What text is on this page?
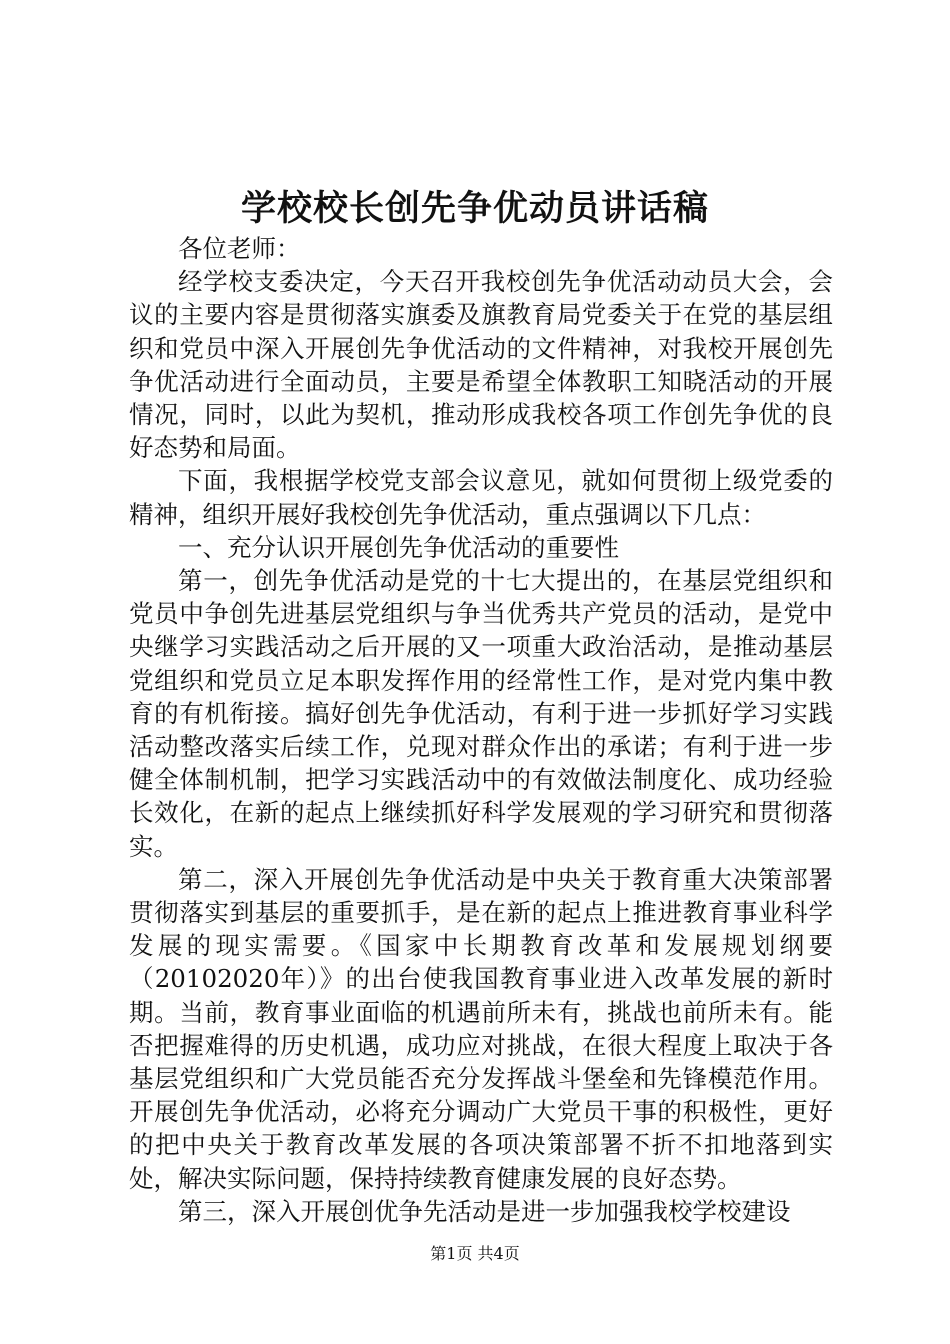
学校校长创先争优动员讲话稿

各位老师：

经学校支委决定，今天召开我校创先争优活动动员大会，会议的主要内容是贯彻落实旗委及旗教育局党委关于在党的基层组织和党员中深入开展创先争优活动的文件精神，对我校开展创先争优活动进行全面动员，主要是希望全体教职工知晓活动的开展情况，同时，以此为契机，推动形成我校各项工作创先争优的良好态势和局面。

下面，我根据学校党支部会议意见，就如何贯彻上级党委的精神，组织开展好我校创先争优活动，重点强调以下几点：

一、充分认识开展创先争优活动的重要性

第一，创先争优活动是党的十七大提出的，在基层党组织和党员中争创先进基层党组织与争当优秀共产党员的活动，是党中央继学习实践活动之后开展的又一项重大政治活动，是推动基层党组织和党员立足本职发挥作用的经常性工作，是对党内集中教育的有机衔接。搞好创先争优活动，有利于进一步抓好学习实践活动整改落实后续工作，兑现对群众作出的承诺；有利于进一步健全体制机制，把学习实践活动中的有效做法制度化、成功经验长效化，在新的起点上继续抓好科学发展观的学习研究和贯彻落实。

第二，深入开展创先争优活动是中央关于教育重大决策部署贯彻落实到基层的重要抓手，是在新的起点上推进教育事业科学发展的现实需要。《国家中长期教育改革和发展规划纲要（20102020年）》的出台使我国教育事业进入改革发展的新时期。当前，教育事业面临的机遇前所未有，挑战也前所未有。能否把握难得的历史机遇，成功应对挑战，在很大程度上取决于各基层党组织和广大党员能否充分发挥战斗堡垒和先锋模范作用。开展创先争优活动，必将充分调动广大党员干事的积极性，更好的把中央关于教育改革发展的各项决策部署不折不扣地落到实处，解决实际问题，保持持续教育健康发展的良好态势。

第三，深入开展创优争先活动是进一步加强我校学校建设

第1页 共4页
